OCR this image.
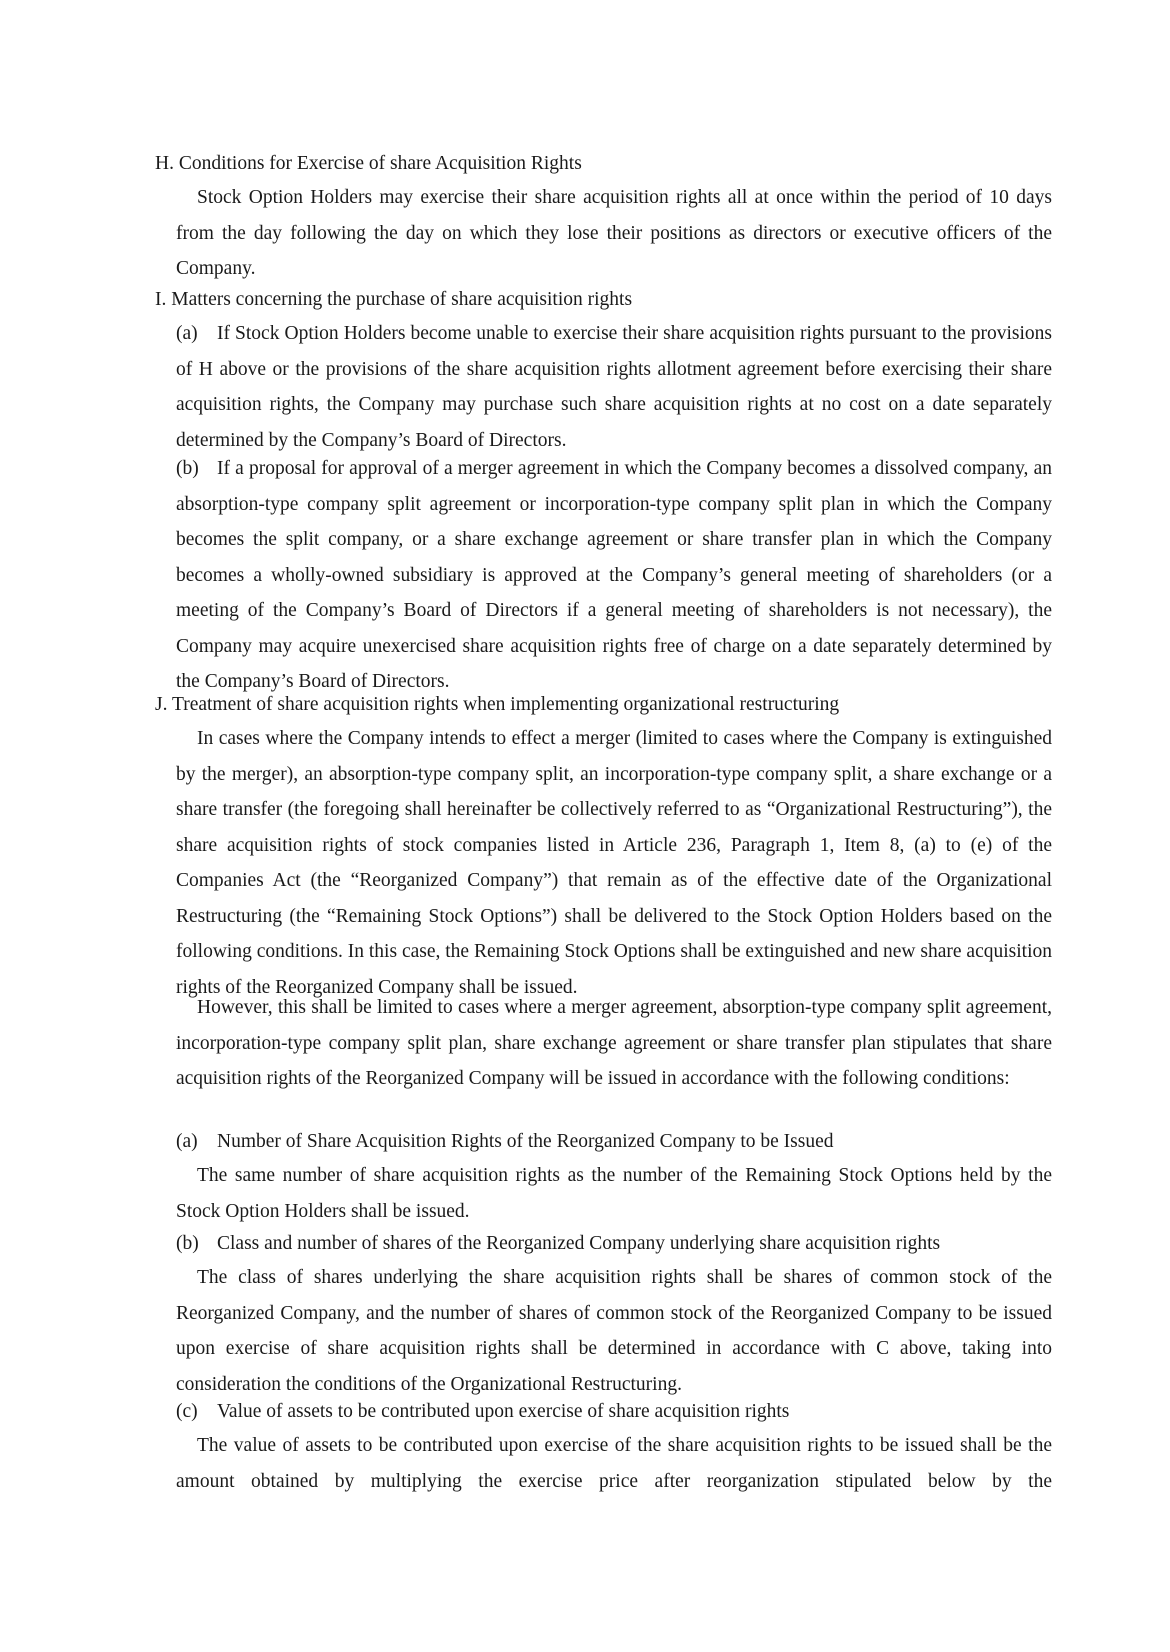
H. Conditions for Exercise of share Acquisition Rights
Stock Option Holders may exercise their share acquisition rights all at once within the period of 10 days from the day following the day on which they lose their positions as directors or executive officers of the Company.
I. Matters concerning the purchase of share acquisition rights
(a) If Stock Option Holders become unable to exercise their share acquisition rights pursuant to the provisions of H above or the provisions of the share acquisition rights allotment agreement before exercising their share acquisition rights, the Company may purchase such share acquisition rights at no cost on a date separately determined by the Company’s Board of Directors.
(b) If a proposal for approval of a merger agreement in which the Company becomes a dissolved company, an absorption-type company split agreement or incorporation-type company split plan in which the Company becomes the split company, or a share exchange agreement or share transfer plan in which the Company becomes a wholly-owned subsidiary is approved at the Company’s general meeting of shareholders (or a meeting of the Company’s Board of Directors if a general meeting of shareholders is not necessary), the Company may acquire unexercised share acquisition rights free of charge on a date separately determined by the Company’s Board of Directors.
J. Treatment of share acquisition rights when implementing organizational restructuring
In cases where the Company intends to effect a merger (limited to cases where the Company is extinguished by the merger), an absorption-type company split, an incorporation-type company split, a share exchange or a share transfer (the foregoing shall hereinafter be collectively referred to as “Organizational Restructuring”), the share acquisition rights of stock companies listed in Article 236, Paragraph 1, Item 8, (a) to (e) of the Companies Act (the “Reorganized Company”) that remain as of the effective date of the Organizational Restructuring (the “Remaining Stock Options”) shall be delivered to the Stock Option Holders based on the following conditions. In this case, the Remaining Stock Options shall be extinguished and new share acquisition rights of the Reorganized Company shall be issued.
However, this shall be limited to cases where a merger agreement, absorption-type company split agreement, incorporation-type company split plan, share exchange agreement or share transfer plan stipulates that share acquisition rights of the Reorganized Company will be issued in accordance with the following conditions:
(a) Number of Share Acquisition Rights of the Reorganized Company to be Issued
The same number of share acquisition rights as the number of the Remaining Stock Options held by the Stock Option Holders shall be issued.
(b) Class and number of shares of the Reorganized Company underlying share acquisition rights
The class of shares underlying the share acquisition rights shall be shares of common stock of the Reorganized Company, and the number of shares of common stock of the Reorganized Company to be issued upon exercise of share acquisition rights shall be determined in accordance with C above, taking into consideration the conditions of the Organizational Restructuring.
(c) Value of assets to be contributed upon exercise of share acquisition rights
The value of assets to be contributed upon exercise of the share acquisition rights to be issued shall be the amount obtained by multiplying the exercise price after reorganization stipulated below by the
